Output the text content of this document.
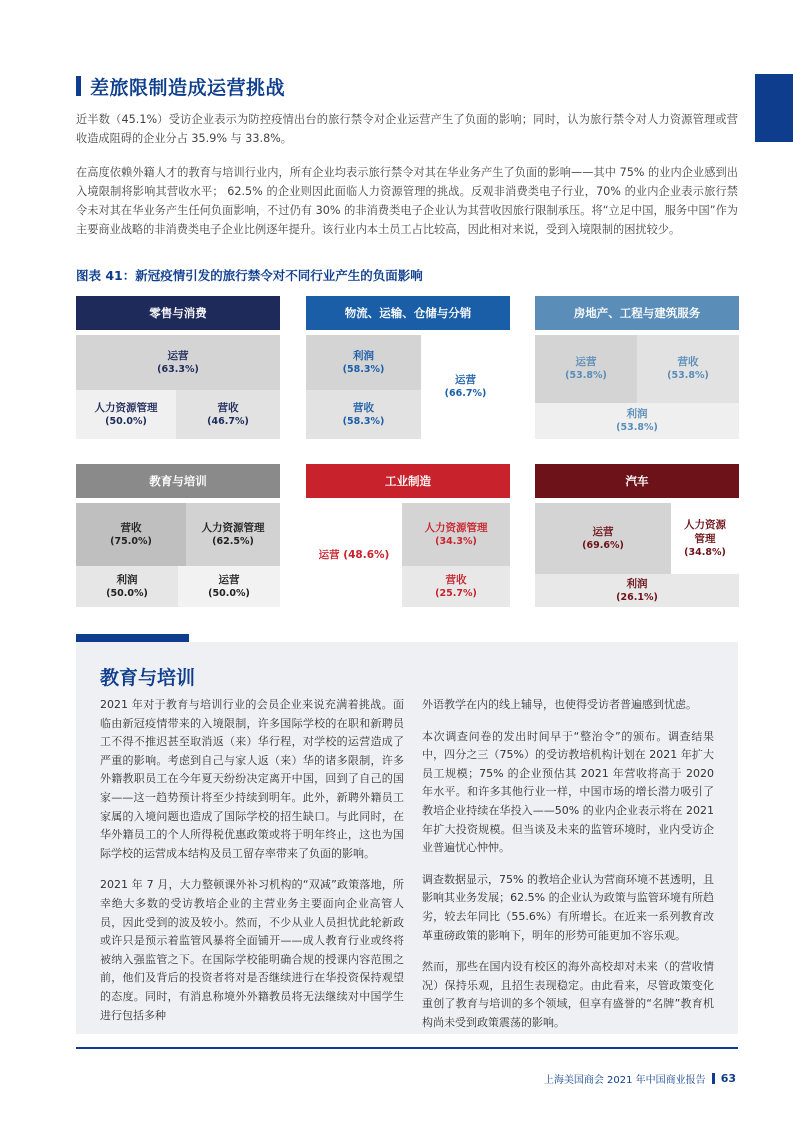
差旅限制造成运营挑战
近半数（45.1%）受访企业表示为防控疫情出台的旅行禁令对企业运营产生了负面的影响；同时，认为旅行禁令对人力资源管理或营收造成阻碍的企业分占 35.9% 与 33.8%。
在高度依赖外籍人才的教育与培训行业内，所有企业均表示旅行禁令对其在华业务产生了负面的影响——其中 75% 的业内企业感到出入境限制将影响其营收水平； 62.5% 的企业则因此面临人力资源管理的挑战。反观非消费类电子行业，70% 的业内企业表示旅行禁令未对其在华业务产生任何负面影响，不过仍有 30% 的非消费类电子企业认为其营收因旅行限制承压。将“立足中国，服务中国”作为主要商业战略的非消费类电子企业比例逐年提升。该行业内本土员工占比较高，因此相对来说，受到入境限制的困扰较少。
图表 41：新冠疫情引发的旅行禁令对不同行业产生的负面影响
零售与消费
运营
(63.3%)
人力资源管理
(50.0%)
营收
(46.7%)
物流、运输、仓储与分销
利润
(58.3%)
营收
(58.3%)
运营
(66.7%)
房地产、工程与建筑服务
运营
(53.8%)
营收
(53.8%)
利润
(53.8%)
教育与培训
营收
(75.0%)
人力资源管理
(62.5%)
利润
(50.0%)
运营
(50.0%)
工业制造
运营 (48.6%)
人力资源管理
(34.3%)
营收
(25.7%)
汽车
运营
(69.6%)
人力资源
管理
(34.8%)
利润
(26.1%)
教育与培训

2021 年对于教育与培训行业的会员企业来说充满着挑战。面临由新冠疫情带来的入境限制，许多国际学校的在职和新聘员工不得不推迟甚至取消返（来）华行程，对学校的运营造成了严重的影响。考虑到自己与家人返（来）华的诸多限制，许多外籍教职员工在今年夏天纷纷决定离开中国，回到了自己的国家——这一趋势预计将至少持续到明年。此外，新聘外籍员工家属的入境问题也造成了国际学校的招生缺口。与此同时，在华外籍员工的个人所得税优惠政策或将于明年终止，这也为国际学校的运营成本结构及员工留存率带来了负面的影响。

2021 年 7 月，大力整顿课外补习机构的“双减”政策落地，所幸绝大多数的受访教培企业的主营业务主要面向企业高管人员，因此受到的波及较小。然而，不少从业人员担忧此轮新政或许只是预示着监管风暴将全面铺开——成人教育行业或终将被纳入强监管之下。在国际学校能明确合规的授课内容范围之前，他们及背后的投资者将对是否继续进行在华投资保持观望的态度。同时，有消息称境外外籍教员将无法继续对中国学生进行包括多种

外语教学在内的线上辅导，也使得受访者普遍感到忧虑。

本次调查问卷的发出时间早于“整治令”的颁布。调查结果中，四分之三（75%）的受访教培机构计划在 2021 年扩大员工规模；75% 的企业预估其 2021 年营收将高于 2020 年水平。和许多其他行业一样，中国市场的增长潜力吸引了教培企业持续在华投入——50% 的业内企业表示将在 2021 年扩大投资规模。但当谈及未来的监管环境时，业内受访企业普遍忧心忡忡。

调查数据显示，75% 的教培企业认为营商环境不甚透明，且影响其业务发展；62.5% 的企业认为政策与监管环境有所趋劣，较去年同比（55.6%）有所增长。在近来一系列教育改革重磅政策的影响下，明年的形势可能更加不容乐观。

然而，那些在国内设有校区的海外高校却对未来（的营收情况）保持乐观，且招生表现稳定。由此看来，尽管政策变化重创了教育与培训的多个领域，但享有盛誉的“名牌”教育机构尚未受到政策震荡的影响。

上海美国商会 2021 年中国商业报告 63
